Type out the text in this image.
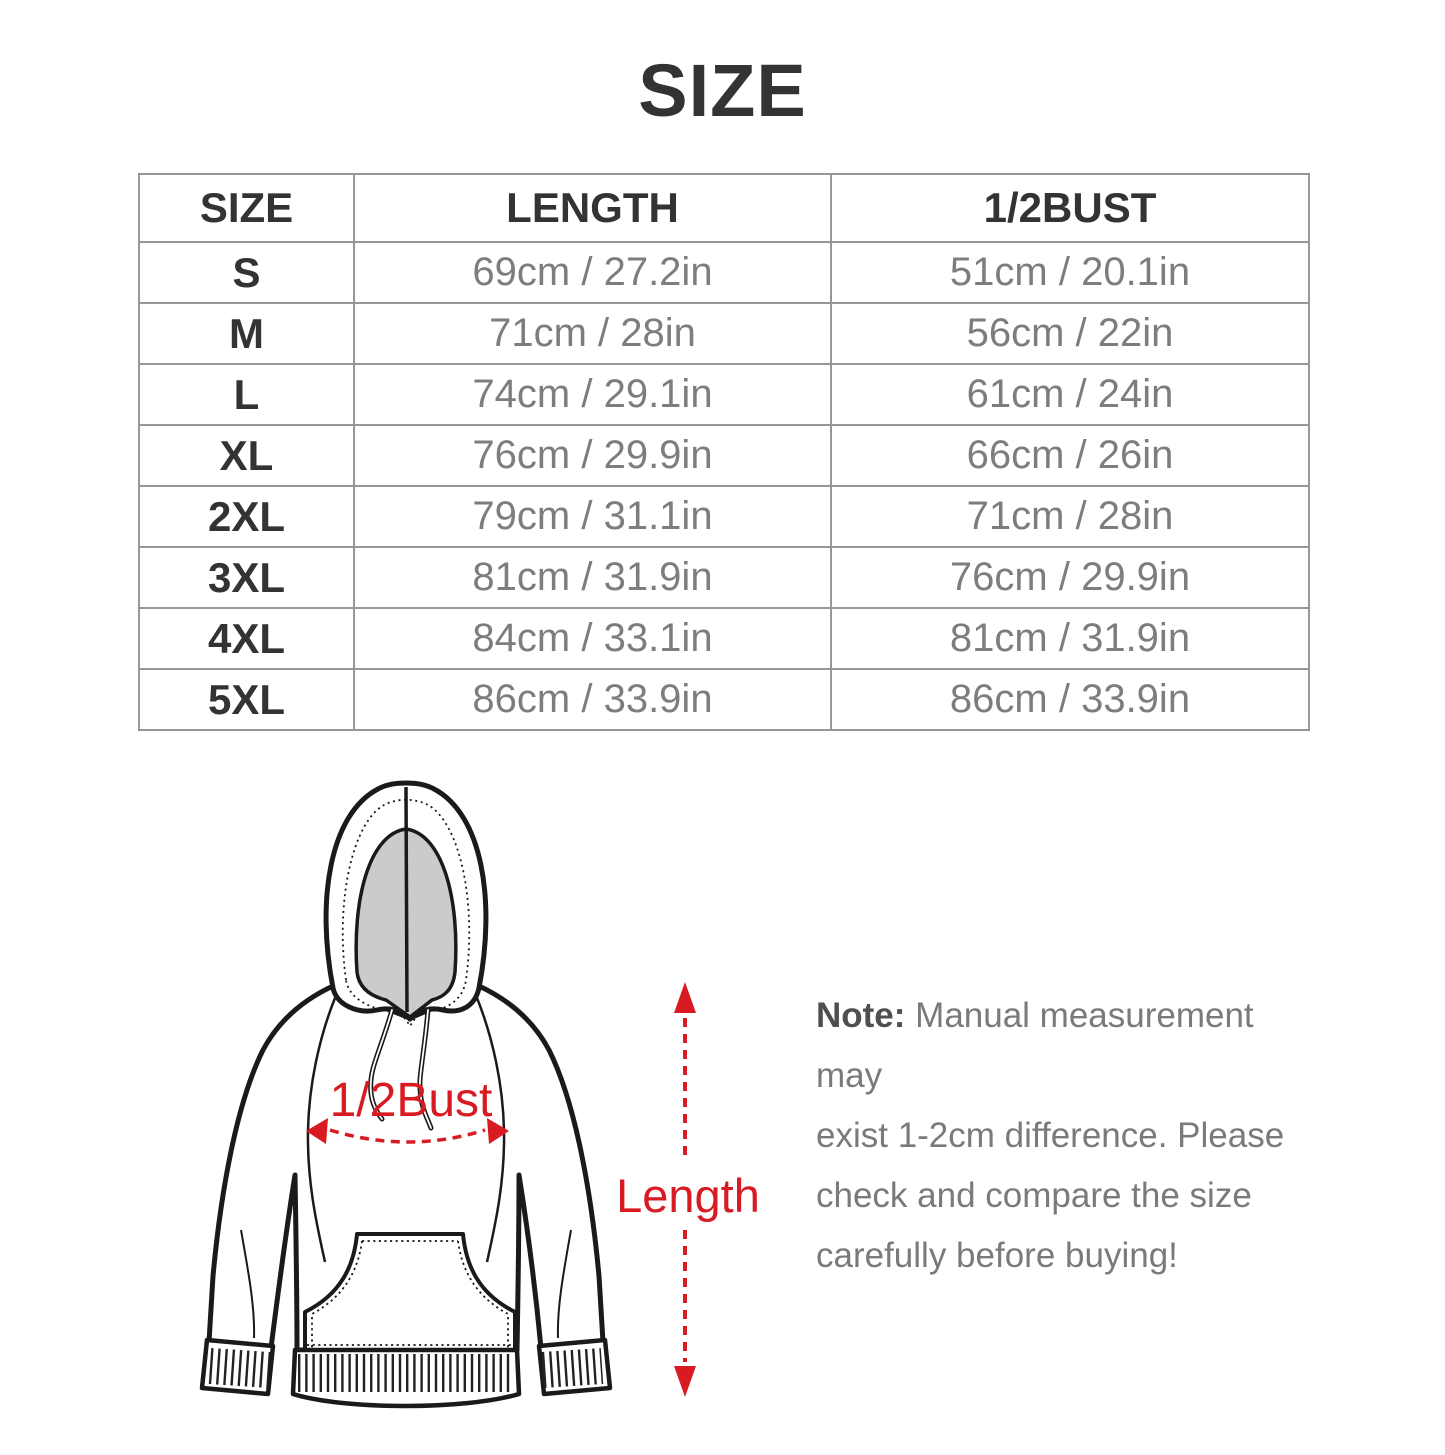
SIZE
SIZE	LENGTH	1/2BUST
S	69cm / 27.2in	51cm / 20.1in
M	71cm / 28in	56cm / 22in
L	74cm / 29.1in	61cm / 24in
XL	76cm / 29.9in	66cm / 26in
2XL	79cm / 31.1in	71cm / 28in
3XL	81cm / 31.9in	76cm / 29.9in
4XL	84cm / 33.1in	81cm / 31.9in
5XL	86cm / 33.9in	86cm / 33.9in
1/2Bust
Length
Note: Manual measurement may
exist 1-2cm difference. Please
check and compare the size
carefully before buying!
